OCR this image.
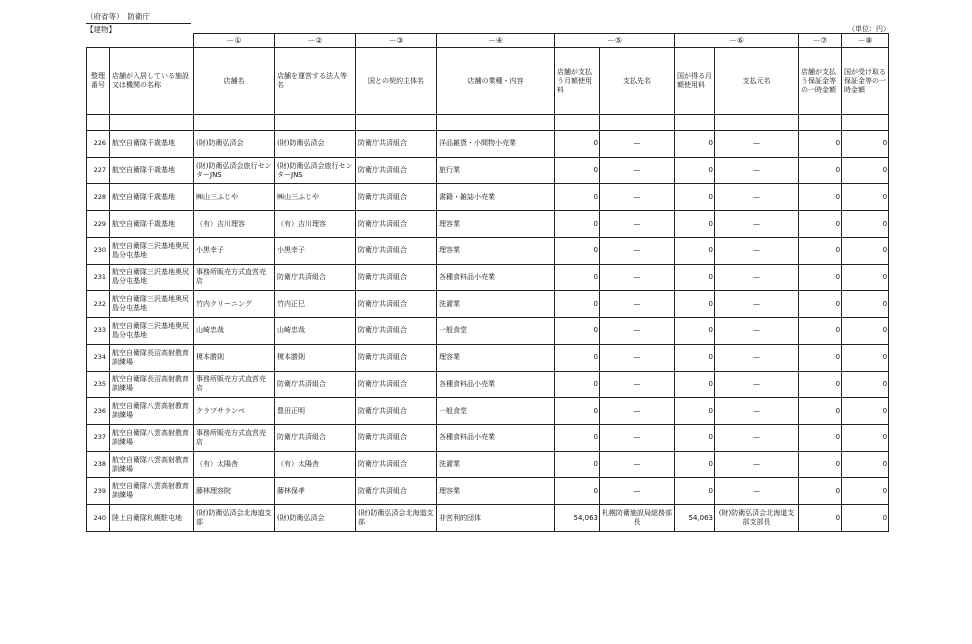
（府省等） 防衛庁
【建物】	（単位：円）
		－①	－②	－③	－④	－⑤		－⑥		－⑦	－⑧
整理番号	店舗が入居している施設又は機関の名称	店舗名	店舗を運営する法人等名	国との契約主体名	店舗の業種・内容	店舗が支払う月額使用料	支払先名	国が得る月額使用料	支払元名	店舗が支払う保証金等の一時金額	国が受け取る保証金等の一時金額

226	航空自衛隊千歳基地	(財)防衛弘済会	(財)防衛弘済会	防衛庁共済組合	洋品雑貨・小間物小売業	0	—	0	—	0	0
227	航空自衛隊千歳基地	(財)防衛弘済会旅行センターJNS	(財)防衛弘済会旅行センターJNS	防衛庁共済組合	旅行業	0	—	0	—	0	0
228	航空自衛隊千歳基地	㈱山三ふじや	㈱山三ふじや	防衛庁共済組合	書籍・雑誌小売業	0	—	0	—	0	0
229	航空自衛隊千歳基地	（有）吉川理容	（有）吉川理容	防衛庁共済組合	理容業	0	—	0	—	0	0
230	航空自衛隊三沢基地奥尻島分屯基地	小黒幸子	小黒幸子	防衛庁共済組合	理容業	0	—	0	—	0	0
231	航空自衛隊三沢基地奥尻島分屯基地	事務所販売方式直営売店	防衛庁共済組合	防衛庁共済組合	各種食料品小売業	0	—	0	—	0	0
232	航空自衛隊三沢基地奥尻島分屯基地	竹内クリーニング	竹内正巳	防衛庁共済組合	洗濯業	0	—	0	—	0	0
233	航空自衛隊三沢基地奥尻島分屯基地	山崎忠哉	山崎忠哉	防衛庁共済組合	一般食堂	0	—	0	—	0	0
234	航空自衛隊長沼高射教育訓練場	榎本勝則	榎本勝則	防衛庁共済組合	理容業	0	—	0	—	0	0
235	航空自衛隊長沼高射教育訓練場	事務所販売方式直営売店	防衛庁共済組合	防衛庁共済組合	各種食料品小売業	0	—	0	—	0	0
236	航空自衛隊八雲高射教育訓練場	クラブサランペ	豊田正明	防衛庁共済組合	一般食堂	0	—	0	—	0	0
237	航空自衛隊八雲高射教育訓練場	事務所販売方式直営売店	防衛庁共済組合	防衛庁共済組合	各種食料品小売業	0	—	0	—	0	0
238	航空自衛隊八雲高射教育訓練場	（有）太陽舎	（有）太陽舎	防衛庁共済組合	洗濯業	0	—	0	—	0	0
239	航空自衛隊八雲高射教育訓練場	藤林理容院	藤林保孝	防衛庁共済組合	理容業	0	—	0	—	0	0
240	陸上自衛隊札幌駐屯地	(財)防衛弘済会北海道支部	(財)防衛弘済会	(財)防衛弘済会北海道支部	非営利的団体	54,063	札幌防衛施設局総務部長	54,063	(財)防衛弘済会北海道支部支部長	0	0
